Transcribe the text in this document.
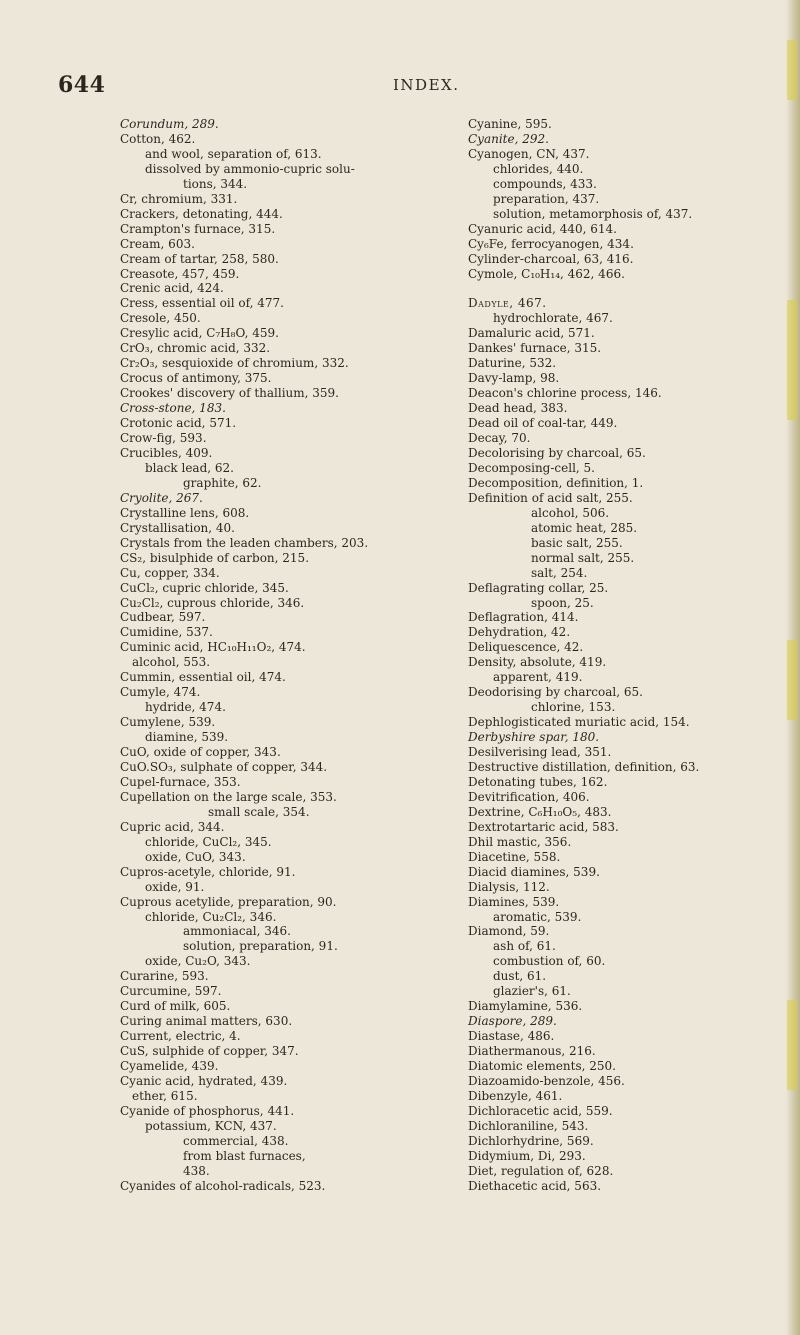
644	INDEX.
Corundum, 289.
Cotton, 462.
and wool, separation of, 613.
dissolved by ammonio-cupric solu-
tions, 344.
Cr, chromium, 331.
Crackers, detonating, 444.
Crampton's furnace, 315.
Cream, 603.
Cream of tartar, 258, 580.
Creasote, 457, 459.
Crenic acid, 424.
Cress, essential oil of, 477.
Cresole, 450.
Cresylic acid, C₇H₈O, 459.
CrO₃, chromic acid, 332.
Cr₂O₃, sesquioxide of chromium, 332.
Crocus of antimony, 375.
Crookes' discovery of thallium, 359.
Cross-stone, 183.
Crotonic acid, 571.
Crow-fig, 593.
Crucibles, 409.
black lead, 62.
graphite, 62.
Cryolite, 267.
Crystalline lens, 608.
Crystallisation, 40.
Crystals from the leaden chambers, 203.
CS₂, bisulphide of carbon, 215.
Cu, copper, 334.
CuCl₂, cupric chloride, 345.
Cu₂Cl₂, cuprous chloride, 346.
Cudbear, 597.
Cumidine, 537.
Cuminic acid, HC₁₀H₁₁O₂, 474.
alcohol, 553.
Cummin, essential oil, 474.
Cumyle, 474.
hydride, 474.
Cumylene, 539.
diamine, 539.
CuO, oxide of copper, 343.
CuO.SO₃, sulphate of copper, 344.
Cupel-furnace, 353.
Cupellation on the large scale, 353.
small scale, 354.
Cupric acid, 344.
chloride, CuCl₂, 345.
oxide, CuO, 343.
Cupros-acetyle, chloride, 91.
oxide, 91.
Cuprous acetylide, preparation, 90.
chloride, Cu₂Cl₂, 346.
ammoniacal, 346.
solution, preparation, 91.
oxide, Cu₂O, 343.
Curarine, 593.
Curcumine, 597.
Curd of milk, 605.
Curing animal matters, 630.
Current, electric, 4.
CuS, sulphide of copper, 347.
Cyamelide, 439.
Cyanic acid, hydrated, 439.
ether, 615.
Cyanide of phosphorus, 441.
potassium, KCN, 437.
commercial, 438.
from blast furnaces,
438.
Cyanides of alcohol-radicals, 523.
Cyanine, 595.
Cyanite, 292.
Cyanogen, CN, 437.
chlorides, 440.
compounds, 433.
preparation, 437.
solution, metamorphosis of, 437.
Cyanuric acid, 440, 614.
Cy₆Fe, ferrocyanogen, 434.
Cylinder-charcoal, 63, 416.
Cymole, C₁₀H₁₄, 462, 466.

Dadyle, 467.
hydrochlorate, 467.
Damaluric acid, 571.
Dankes' furnace, 315.
Daturine, 532.
Davy-lamp, 98.
Deacon's chlorine process, 146.
Dead head, 383.
Dead oil of coal-tar, 449.
Decay, 70.
Decolorising by charcoal, 65.
Decomposing-cell, 5.
Decomposition, definition, 1.
Definition of acid salt, 255.
alcohol, 506.
atomic heat, 285.
basic salt, 255.
normal salt, 255.
salt, 254.
Deflagrating collar, 25.
spoon, 25.
Deflagration, 414.
Dehydration, 42.
Deliquescence, 42.
Density, absolute, 419.
apparent, 419.
Deodorising by charcoal, 65.
chlorine, 153.
Dephlogisticated muriatic acid, 154.
Derbyshire spar, 180.
Desilverising lead, 351.
Destructive distillation, definition, 63.
Detonating tubes, 162.
Devitrification, 406.
Dextrine, C₆H₁₀O₅, 483.
Dextrotartaric acid, 583.
Dhil mastic, 356.
Diacetine, 558.
Diacid diamines, 539.
Dialysis, 112.
Diamines, 539.
aromatic, 539.
Diamond, 59.
ash of, 61.
combustion of, 60.
dust, 61.
glazier's, 61.
Diamylamine, 536.
Diaspore, 289.
Diastase, 486.
Diathermanous, 216.
Diatomic elements, 250.
Diazoamido-benzole, 456.
Dibenzyle, 461.
Dichloracetic acid, 559.
Dichloraniline, 543.
Dichlorhydrine, 569.
Didymium, Di, 293.
Diet, regulation of, 628.
Diethacetic acid, 563.
